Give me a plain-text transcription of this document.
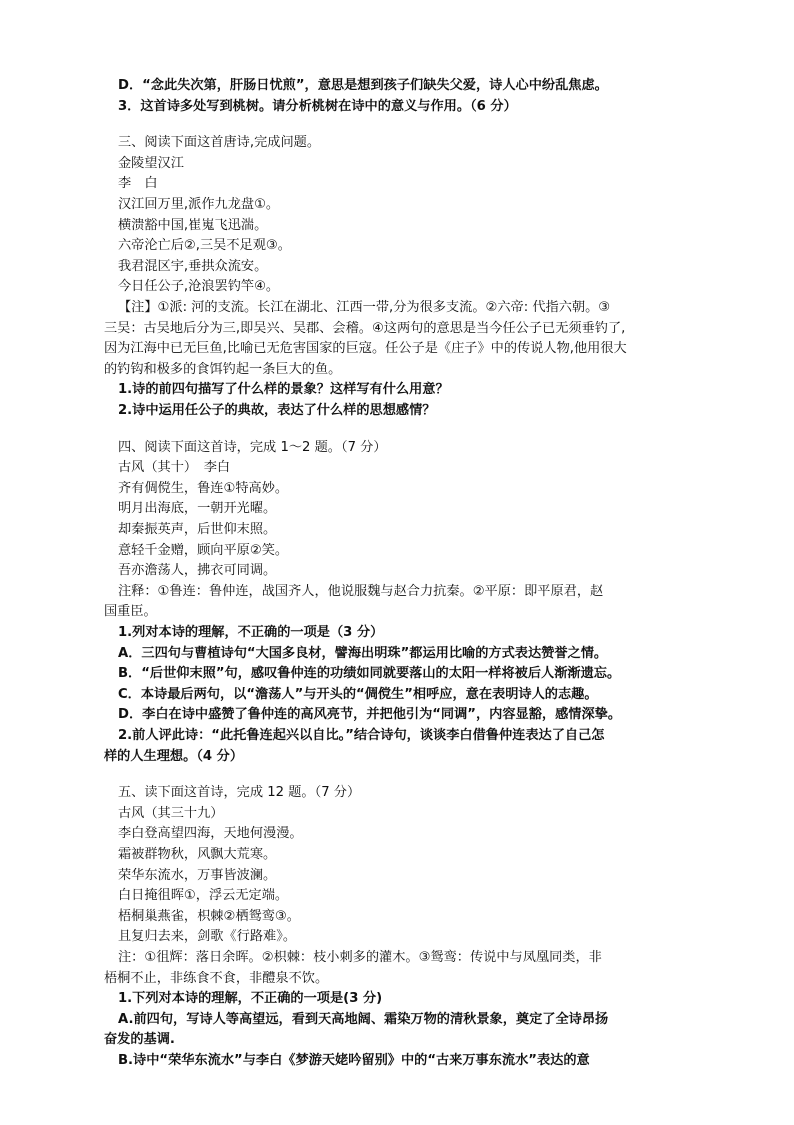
D．“念此失次第，肝肠日忧煎”，意思是想到孩子们缺失父爱，诗人心中纷乱焦虑。
3．这首诗多处写到桃树。请分析桃树在诗中的意义与作用。（6 分）
三、阅读下面这首唐诗,完成问题。
金陵望汉江
李　白
汉江回万里,派作九龙盘①。
横溃豁中国,崔嵬飞迅湍。
六帝沦亡后②,三吴不足观③。
我君混区宇,垂拱众流安。
今日任公子,沧浪罢钓竿④。
【注】①派: 河的支流。长江在湖北、江西一带,分为很多支流。②六帝: 代指六朝。③
三吴：古吴地后分为三,即吴兴、吴郡、会稽。④这两句的意思是当今任公子已无须垂钓了,
因为江海中已无巨鱼,比喻已无危害国家的巨寇。任公子是《庄子》中的传说人物,他用很大
的钓钩和极多的食饵钓起一条巨大的鱼。
1.诗的前四句描写了什么样的景象？这样写有什么用意？
2.诗中运用任公子的典故，表达了什么样的思想感情？
四、阅读下面这首诗，完成 1～2 题。（7 分）
古风（其十）　李白
齐有倜傥生，鲁连①特高妙。
明月出海底，一朝开光曜。
却秦振英声，后世仰末照。
意轻千金赠，顾向平原②笑。
吾亦澹荡人，拂衣可同调。
注释：①鲁连：鲁仲连，战国齐人，他说服魏与赵合力抗秦。②平原：即平原君，赵
国重臣。
1.列对本诗的理解，不正确的一项是（3 分）
A．三四句与曹植诗句“大国多良材，譬海出明珠”都运用比喻的方式表达赞誉之情。
B．“后世仰末照”句，感叹鲁仲连的功绩如同就要落山的太阳一样将被后人渐渐遗忘。
C．本诗最后两句，以“澹荡人”与开头的“倜傥生”相呼应，意在表明诗人的志趣。
D．李白在诗中盛赞了鲁仲连的高风亮节，并把他引为“同调”，内容显豁，感情深挚。
2.前人评此诗：“此托鲁连起兴以自比。”结合诗句，谈谈李白借鲁仲连表达了自己怎
样的人生理想。（4 分）
五、读下面这首诗，完成 12 题。（7 分）
古风（其三十九）
李白登高望四海，天地何漫漫。
霜被群物秋，风飘大荒寒。
荣华东流水，万事皆波澜。
白日掩徂晖①，浮云无定端。
梧桐巢燕雀，枳棘②栖鸳鸾③。
且复归去来，剑歌《行路难》。
注：①徂辉：落日余晖。②枳棘：枝小刺多的灌木。③鸳鸾：传说中与凤凰同类，非
梧桐不止，非练食不食，非醴泉不饮。
1.下列对本诗的理解，不正确的一项是(3 分)
A.前四句，写诗人等高望远，看到天高地阔、霜染万物的清秋景象，奠定了全诗昂扬
奋发的基调.
B.诗中“荣华东流水”与李白《梦游天姥吟留别》中的“古来万事东流水”表达的意
